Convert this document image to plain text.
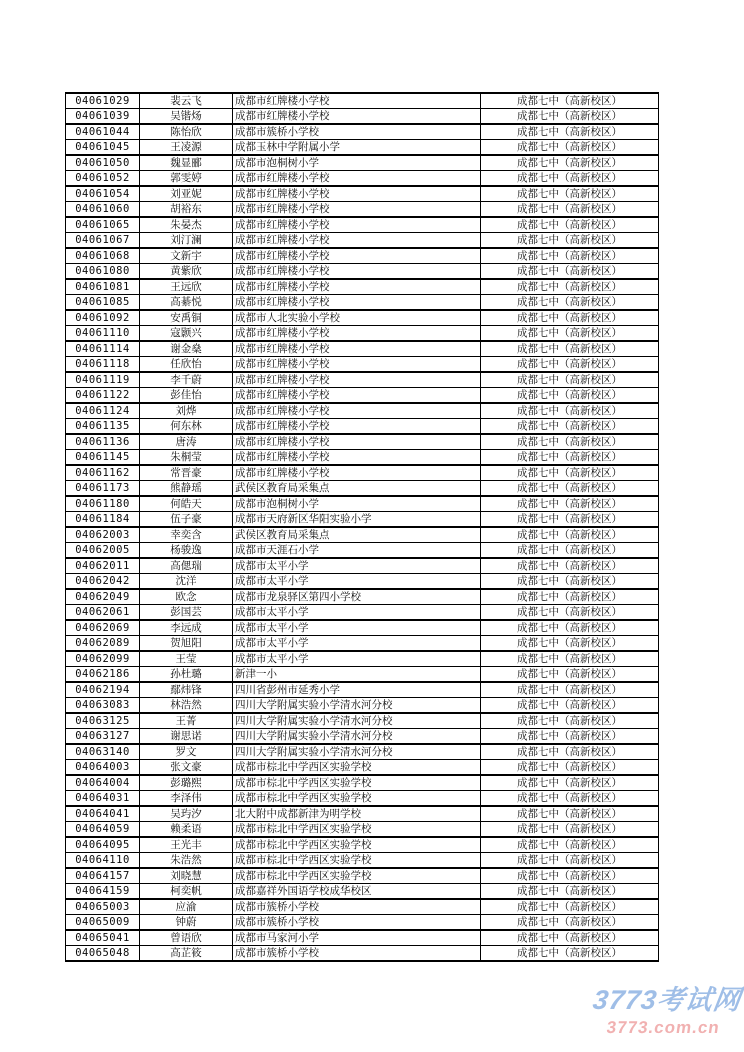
04061029	裴云飞	成都市红牌楼小学校	成都七中（高新校区）
04061039	吴锴炀	成都市红牌楼小学校	成都七中（高新校区）
04061044	陈怡欣	成都市簇桥小学校	成都七中（高新校区）
04061045	王凌源	成都玉林中学附属小学	成都七中（高新校区）
04061050	魏显郦	成都市泡桐树小学	成都七中（高新校区）
04061052	郭雯婷	成都市红牌楼小学校	成都七中（高新校区）
04061054	刘亚妮	成都市红牌楼小学校	成都七中（高新校区）
04061060	胡裕东	成都市红牌楼小学校	成都七中（高新校区）
04061065	朱晏杰	成都市红牌楼小学校	成都七中（高新校区）
04061067	刘汀澜	成都市红牌楼小学校	成都七中（高新校区）
04061068	文新宇	成都市红牌楼小学校	成都七中（高新校区）
04061080	黄紫欣	成都市红牌楼小学校	成都七中（高新校区）
04061081	王远欣	成都市红牌楼小学校	成都七中（高新校区）
04061085	高綦悦	成都市红牌楼小学校	成都七中（高新校区）
04061092	安禹铜	成都市人北实验小学校	成都七中（高新校区）
04061110	寇颢兴	成都市红牌楼小学校	成都七中（高新校区）
04061114	谢金燊	成都市红牌楼小学校	成都七中（高新校区）
04061118	任欣怡	成都市红牌楼小学校	成都七中（高新校区）
04061119	李千蔚	成都市红牌楼小学校	成都七中（高新校区）
04061122	彭佳怡	成都市红牌楼小学校	成都七中（高新校区）
04061124	刘烨	成都市红牌楼小学校	成都七中（高新校区）
04061135	何东林	成都市红牌楼小学校	成都七中（高新校区）
04061136	唐涛	成都市红牌楼小学校	成都七中（高新校区）
04061145	朱桐莹	成都市红牌楼小学校	成都七中（高新校区）
04061162	常晋豪	成都市红牌楼小学校	成都七中（高新校区）
04061173	熊静瑶	武侯区教育局采集点	成都七中（高新校区）
04061180	何皓天	成都市泡桐树小学	成都七中（高新校区）
04061184	伍子豪	成都市天府新区华阳实验小学	成都七中（高新校区）
04062003	幸奕含	武侯区教育局采集点	成都七中（高新校区）
04062005	杨骏逸	成都市天涯石小学	成都七中（高新校区）
04062011	高偲瑞	成都市太平小学	成都七中（高新校区）
04062042	沈洋	成都市太平小学	成都七中（高新校区）
04062049	欧念	成都市龙泉驿区第四小学校	成都七中（高新校区）
04062061	彭国芸	成都市太平小学	成都七中（高新校区）
04062069	李远成	成都市太平小学	成都七中（高新校区）
04062089	贺旭阳	成都市太平小学	成都七中（高新校区）
04062099	王莹	成都市太平小学	成都七中（高新校区）
04062186	孙杜璐	新津一小	成都七中（高新校区）
04062194	鄢炜锋	四川省彭州市延秀小学	成都七中（高新校区）
04063083	林浩然	四川大学附属实验小学清水河分校	成都七中（高新校区）
04063125	王菁	四川大学附属实验小学清水河分校	成都七中（高新校区）
04063127	谢思诺	四川大学附属实验小学清水河分校	成都七中（高新校区）
04063140	罗文	四川大学附属实验小学清水河分校	成都七中（高新校区）
04064003	张文豪	成都市棕北中学西区实验学校	成都七中（高新校区）
04064004	彭璐熙	成都市棕北中学西区实验学校	成都七中（高新校区）
04064031	李泽伟	成都市棕北中学西区实验学校	成都七中（高新校区）
04064041	吴玙汐	北大附中成都新津为明学校	成都七中（高新校区）
04064059	赖柔语	成都市棕北中学西区实验学校	成都七中（高新校区）
04064095	王光丰	成都市棕北中学西区实验学校	成都七中（高新校区）
04064110	朱浩然	成都市棕北中学西区实验学校	成都七中（高新校区）
04064157	刘晓慧	成都市棕北中学西区实验学校	成都七中（高新校区）
04064159	柯奕帆	成都嘉祥外国语学校成华校区	成都七中（高新校区）
04065003	应渝	成都市簇桥小学校	成都七中（高新校区）
04065009	钟蔚	成都市簇桥小学校	成都七中（高新校区）
04065041	曾语欣	成都市马家河小学	成都七中（高新校区）
04065048	高芷筱	成都市簇桥小学校	成都七中（高新校区）
3773考试网
3773.com.cn
